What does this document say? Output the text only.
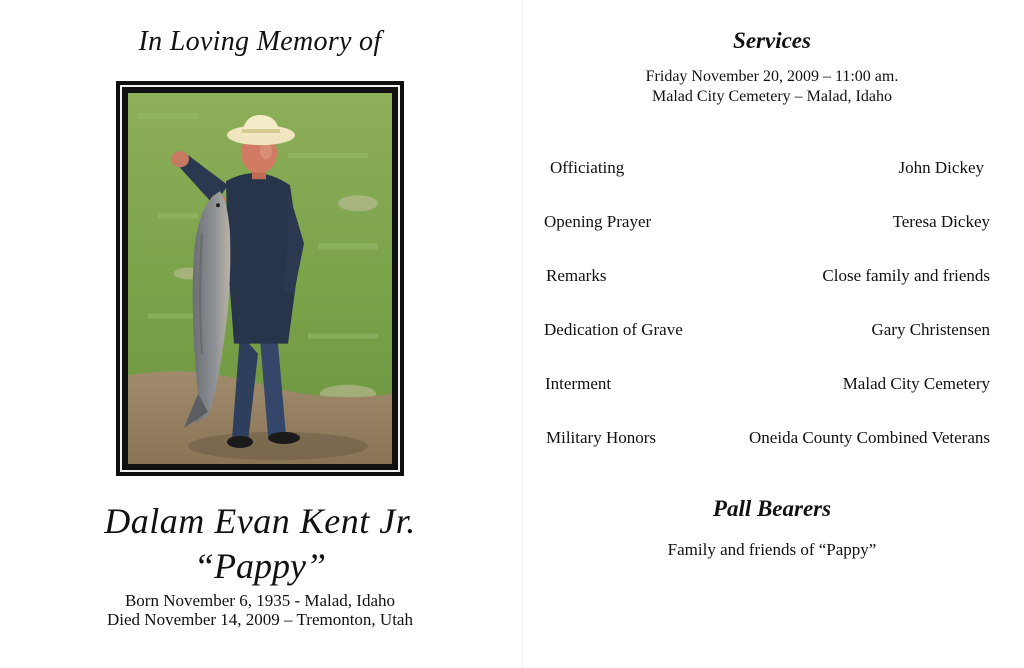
In Loving Memory of
Dalam Evan Kent Jr.
“Pappy”
Born November 6, 1935 - Malad, Idaho
Died November 14, 2009 – Tremonton, Utah
Services
Friday November 20, 2009 – 11:00 am.
Malad City Cemetery – Malad, Idaho
Officiating	John Dickey
Opening Prayer	Teresa Dickey
Remarks	Close family and friends
Dedication of Grave	Gary Christensen
Interment	Malad City Cemetery
Military Honors	Oneida County Combined Veterans
Pall Bearers
Family and friends of “Pappy”
